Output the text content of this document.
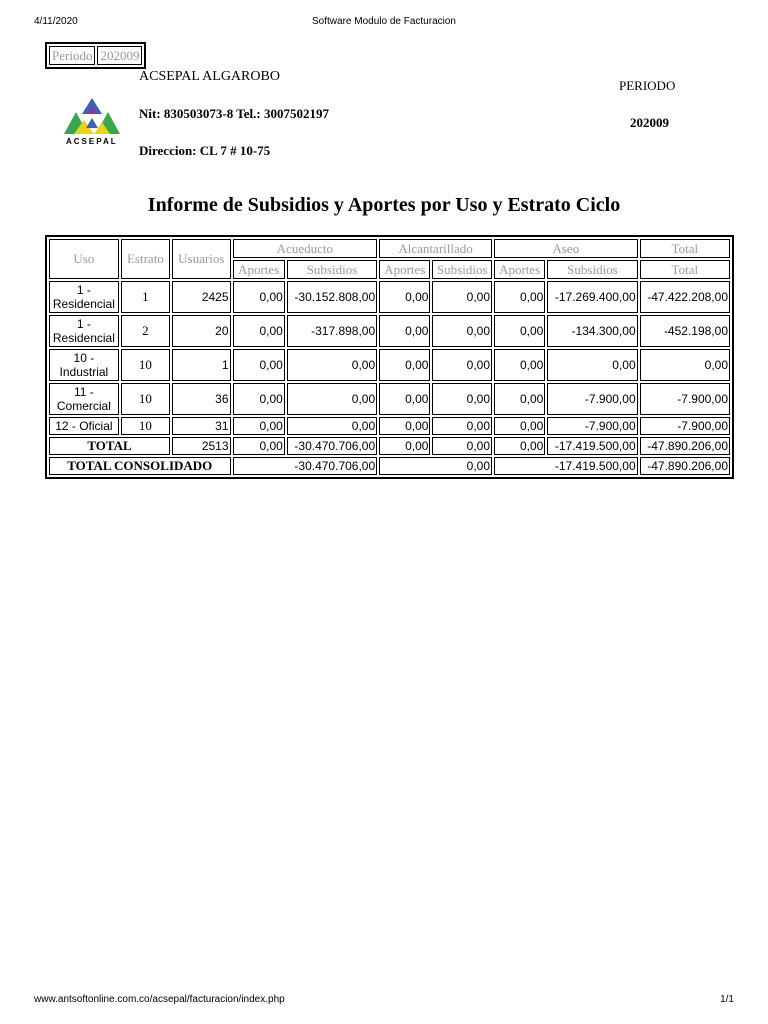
4/11/2020	Software Modulo de Facturacion
Periodo 202009
ACSEPAL
ACSEPAL ALGAROBO
Nit: 830503073-8 Tel.: 3007502197
Direccion: CL 7 # 10-75
PERIODO
202009
Informe de Subsidios y Aportes por Uso y Estrato Ciclo
Uso	Estrato	Usuarios	Acueducto		Alcantarillado		Aseo		Total
			Aportes	Subsidios	Aportes	Subsidios	Aportes	Subsidios	Total
1 - Residencial	1	2425	0,00	-30.152.808,00	0,00	0,00	0,00	-17.269.400,00	-47.422.208,00
1 - Residencial	2	20	0,00	-317.898,00	0,00	0,00	0,00	-134.300,00	-452.198,00
10 - Industrial	10	1	0,00	0,00	0,00	0,00	0,00	0,00	0,00
11 - Comercial	10	36	0,00	0,00	0,00	0,00	0,00	-7.900,00	-7.900,00
12 - Oficial	10	31	0,00	0,00	0,00	0,00	0,00	-7.900,00	-7.900,00
TOTAL		2513	0,00	-30.470.706,00	0,00	0,00	0,00	-17.419.500,00	-47.890.206,00
TOTAL CONSOLIDADO			-30.470.706,00		0,00		-17.419.500,00		-47.890.206,00
www.antsoftonline.com.co/acsepal/facturacion/index.php	1/1
